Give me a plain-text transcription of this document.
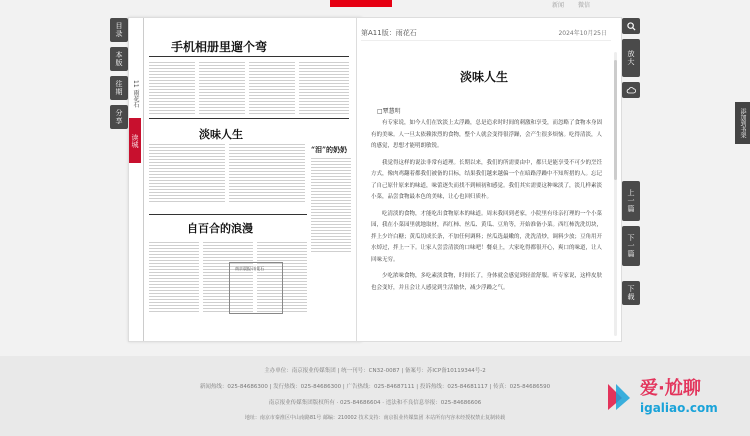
新闻 微信
目录
本版
往期
分享
11 雨花石
读城
手机相册里遛个弯
淡味人生
“泪”的奶奶
自百合的浪漫
南京晨报·雨花石
第A11版：雨花石	2024年10月25日
淡味人生
□覃慧明

有专家说，如今人们在饮淡上太浮躁，总是追求时时间的刺激和享受，而忽略了食物本身固有的美味。人一旦太依赖浓烈的食物，整个人就会变得很浮躁，会产生很多烦恼。吃得清淡，人的感觉，思想才能明朗敏锐。

我觉得这样的说法非常有道理。长期以来，我们的所需要由中，都只是能享受不可少的烹饪方式，像肉鸡翻着都我们被备的目标，结果我们越来越偏一个在暗路浮躁中不知所措的人。忘记了自己原什原来的味道，味蕾逐失而找不到顿初和感觉。我们其实需要这种味淡了，淡几样素淡小菜，品尝食物最本色的美味，让心也回归质朴。

吃清淡的食物，才能吃出食物原本的味道。周末我回到老家，小院里有母亲打理的一个小菜园，我在小菜园里就地取材，西红柿、丝瓜、黄瓜、豆角等，开始准备小菜。西红柿洗洗切块，拌上少许白糖；黄瓜切成长条，不加任何调料；丝瓜选最嫩的，洗洗清炒，调料少放；豆角用开水焯过，拌上一下。让家人尝尝清淡的口味吧！餐桌上，大家吃得都很开心，爽口的味道，让人回味无穷。

少吃浓味食物，多吃素淡食物，时间长了，身体就会感觉到轻盈舒服。听专家说，这样皮肤也会变好，并且会让人感觉到生活愉快，减少浮躁之气。

放大
上一篇
下一篇
下载
添加到书架
主办单位：南京报业传媒集团 | 统一刊号：CN32-0087 | 备案号：苏ICP备10119344号-2
新闻热线：025-84686300 | 发行热线：025-84686300 | 广告热线：025-84687111 | 投诉热线：025-84681117 | 传真：025-84686590
南京报业传媒集团版权所有 · 025-84686604 · 违法和不良信息举报：025-84686606
地址：南京市秦淮区中山南路81号 邮编：210002 技术支持：南京报业传媒集团 本站所有内容未经授权禁止复制转载
爱·尬聊
igaliao.com
